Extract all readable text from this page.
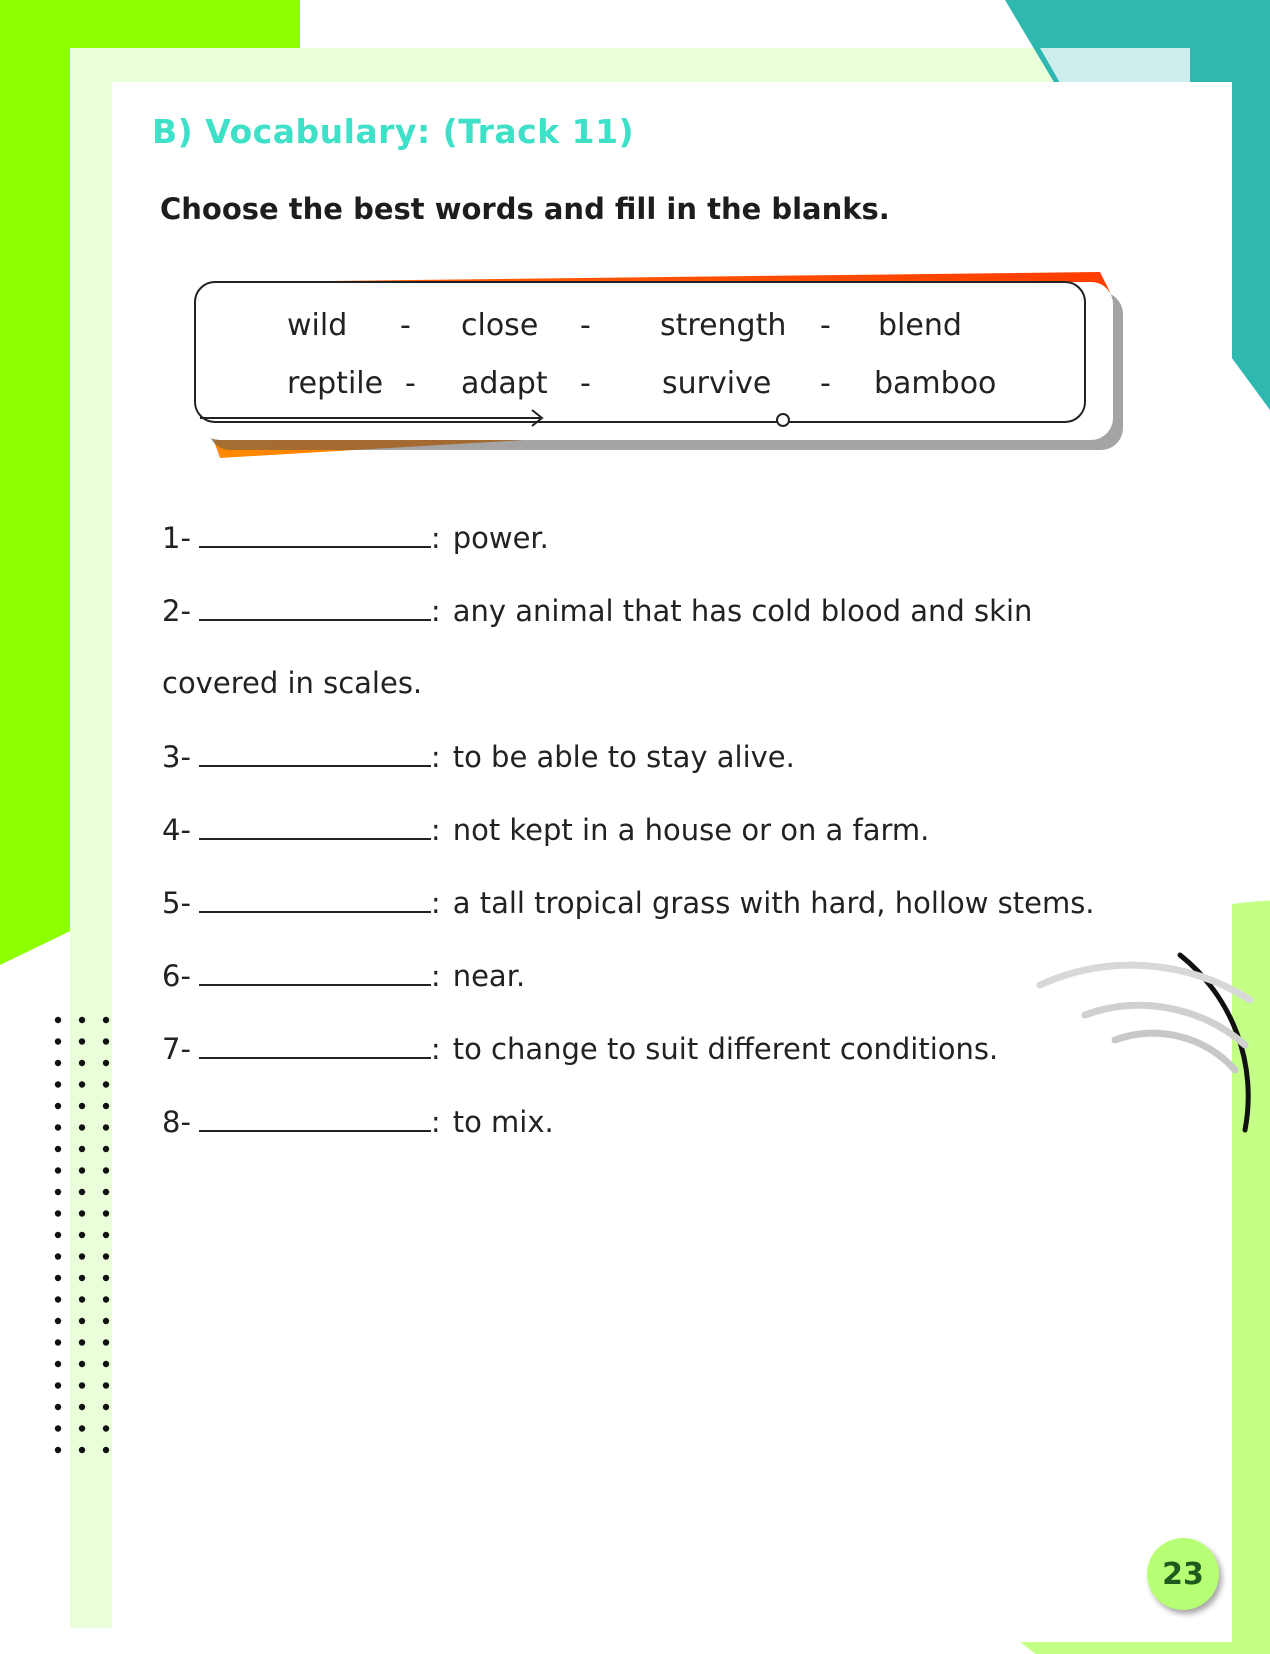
B) Vocabulary: (Track 11)

Choose the best words and fill in the blanks.

wild - close - strength - blend
reptile - adapt - survive - bamboo
1-	: power.
2-	: any animal that has cold blood and skin
covered in scales.
3-	: to be able to stay alive.
4-	: not kept in a house or on a farm.
5-	: a tall tropical grass with hard, hollow stems.
6-	: near.
7-	: to change to suit different conditions.
8-	: to mix.
23
